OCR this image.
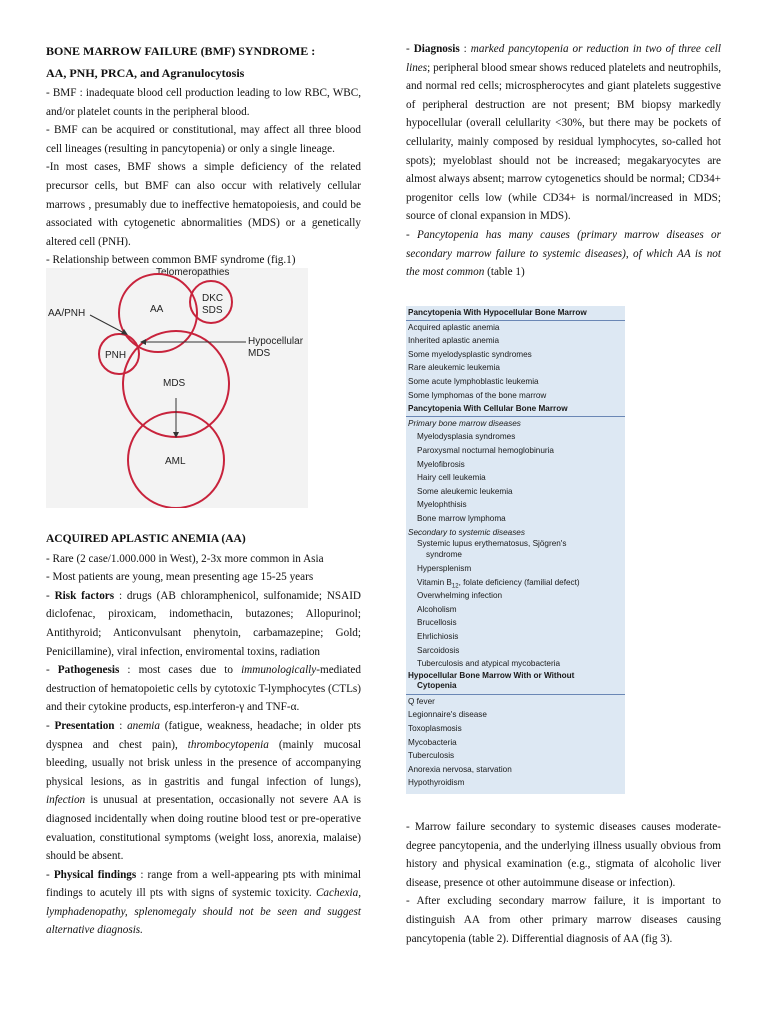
BONE MARROW FAILURE (BMF) SYNDROME :

AA, PNH, PRCA, and Agranulocytosis

- BMF : inadequate blood cell production leading to low RBC, WBC, and/or platelet counts in the peripheral blood.

- BMF can be acquired or constitutional, may affect all three blood cell lineages (resulting in pancytopenia) or only a single lineage.

-In most cases, BMF shows a simple deficiency of the related precursor cells, but BMF can also occur with relatively cellular marrows , presumably due to ineffective hematopoiesis, and could be associated with cytogenetic abnormalities (MDS) or a genetically altered cell (PNH).

- Relationship between common BMF syndrome (fig.1)

Telomeropathies
AA
DKC
SDS
PNH
MDS
AML
AA/PNH
Hypocellular
MDS

ACQUIRED APLASTIC ANEMIA (AA)

- Rare (2 case/1.000.000 in West), 2-3x more common in Asia

- Most patients are young, mean presenting age 15-25 years

- Risk factors : drugs (AB chloramphenicol, sulfonamide; NSAID diclofenac, piroxicam, indomethacin, butazones; Allopurinol; Antithyroid; Anticonvulsant phenytoin, carbamazepine; Gold; Penicillamine), viral infection, enviromental toxins, radiation

- Pathogenesis : most cases due to immunologically-mediated destruction of hematopoietic cells by cytotoxic T-lymphocytes (CTLs) and their cytokine products, esp.interferon-γ and TNF-α.

- Presentation : anemia (fatigue, weakness, headache; in older pts dyspnea and chest pain), thrombocytopenia (mainly mucosal bleeding, usually not brisk unless in the presence of accompanying physical lesions, as in gastritis and fungal infection of lungs), infection is unusual at presentation, occasionally not severe AA is diagnosed incidentally when doing routine blood test or pre-operative evaluation, constitutional symptoms (weight loss, anorexia, malaise) should be absent.

- Physical findings : range from a well-appearing pts with minimal findings to acutely ill pts with signs of systemic toxicity. Cachexia, lymphadenopathy, splenomegaly should not be seen and suggest alternative diagnosis.

- Diagnosis : marked pancytopenia or reduction in two of three cell lines; peripheral blood smear shows reduced platelets and neutrophils, and normal red cells; microspherocytes and giant platelets suggestive of peripheral destruction are not present; BM biopsy markedly hypocellular (overall celullarity <30%, but there may be pockets of cellularity, mainly composed by residual lymphocytes, so-called hot spots); myeloblast should not be increased; megakaryocytes are almost always absent; marrow cytogenetics should be normal; CD34+ progenitor cells low (while CD34+ is normal/increased in MDS; source of clonal expansion in MDS).

- Pancytopenia has many causes (primary marrow diseases or secondary marrow failure to systemic diseases), of which AA is not the most common (table 1)

Pancytopenia With Hypocellular Bone Marrow
Acquired aplastic anemia
Inherited aplastic anemia
Some myelodysplastic syndromes
Rare aleukemic leukemia
Some acute lymphoblastic leukemia
Some lymphomas of the bone marrow
Pancytopenia With Cellular Bone Marrow
Primary bone marrow diseases
Myelodysplasia syndromes
Paroxysmal nocturnal hemoglobinuria
Myelofibrosis
Hairy cell leukemia
Some aleukemic leukemia
Myelophthisis
Bone marrow lymphoma
Secondary to systemic diseases
Systemic lupus erythematosus, Sjögren's
syndrome
Hypersplenism
Vitamin $B_{12}$, folate deficiency (familial defect)
Overwhelming infection
Alcoholism
Brucellosis
Ehrlichiosis
Sarcoidosis
Tuberculosis and atypical mycobacteria
Hypocellular Bone Marrow With or Without
Cytopenia
Q fever
Legionnaire's disease
Toxoplasmosis
Mycobacteria
Tuberculosis
Anorexia nervosa, starvation
Hypothyroidism

- Marrow failure secondary to systemic diseases causes moderate-degree pancytopenia, and the underlying illness usually obvious from history and physical examination (e.g., stigmata of alcoholic liver disease, presence ot other autoimmune disease or infection).

- After excluding secondary marrow failure, it is important to distinguish AA from other primary marrow diseases causing pancytopenia (table 2). Differential diagnosis of AA (fig 3).
